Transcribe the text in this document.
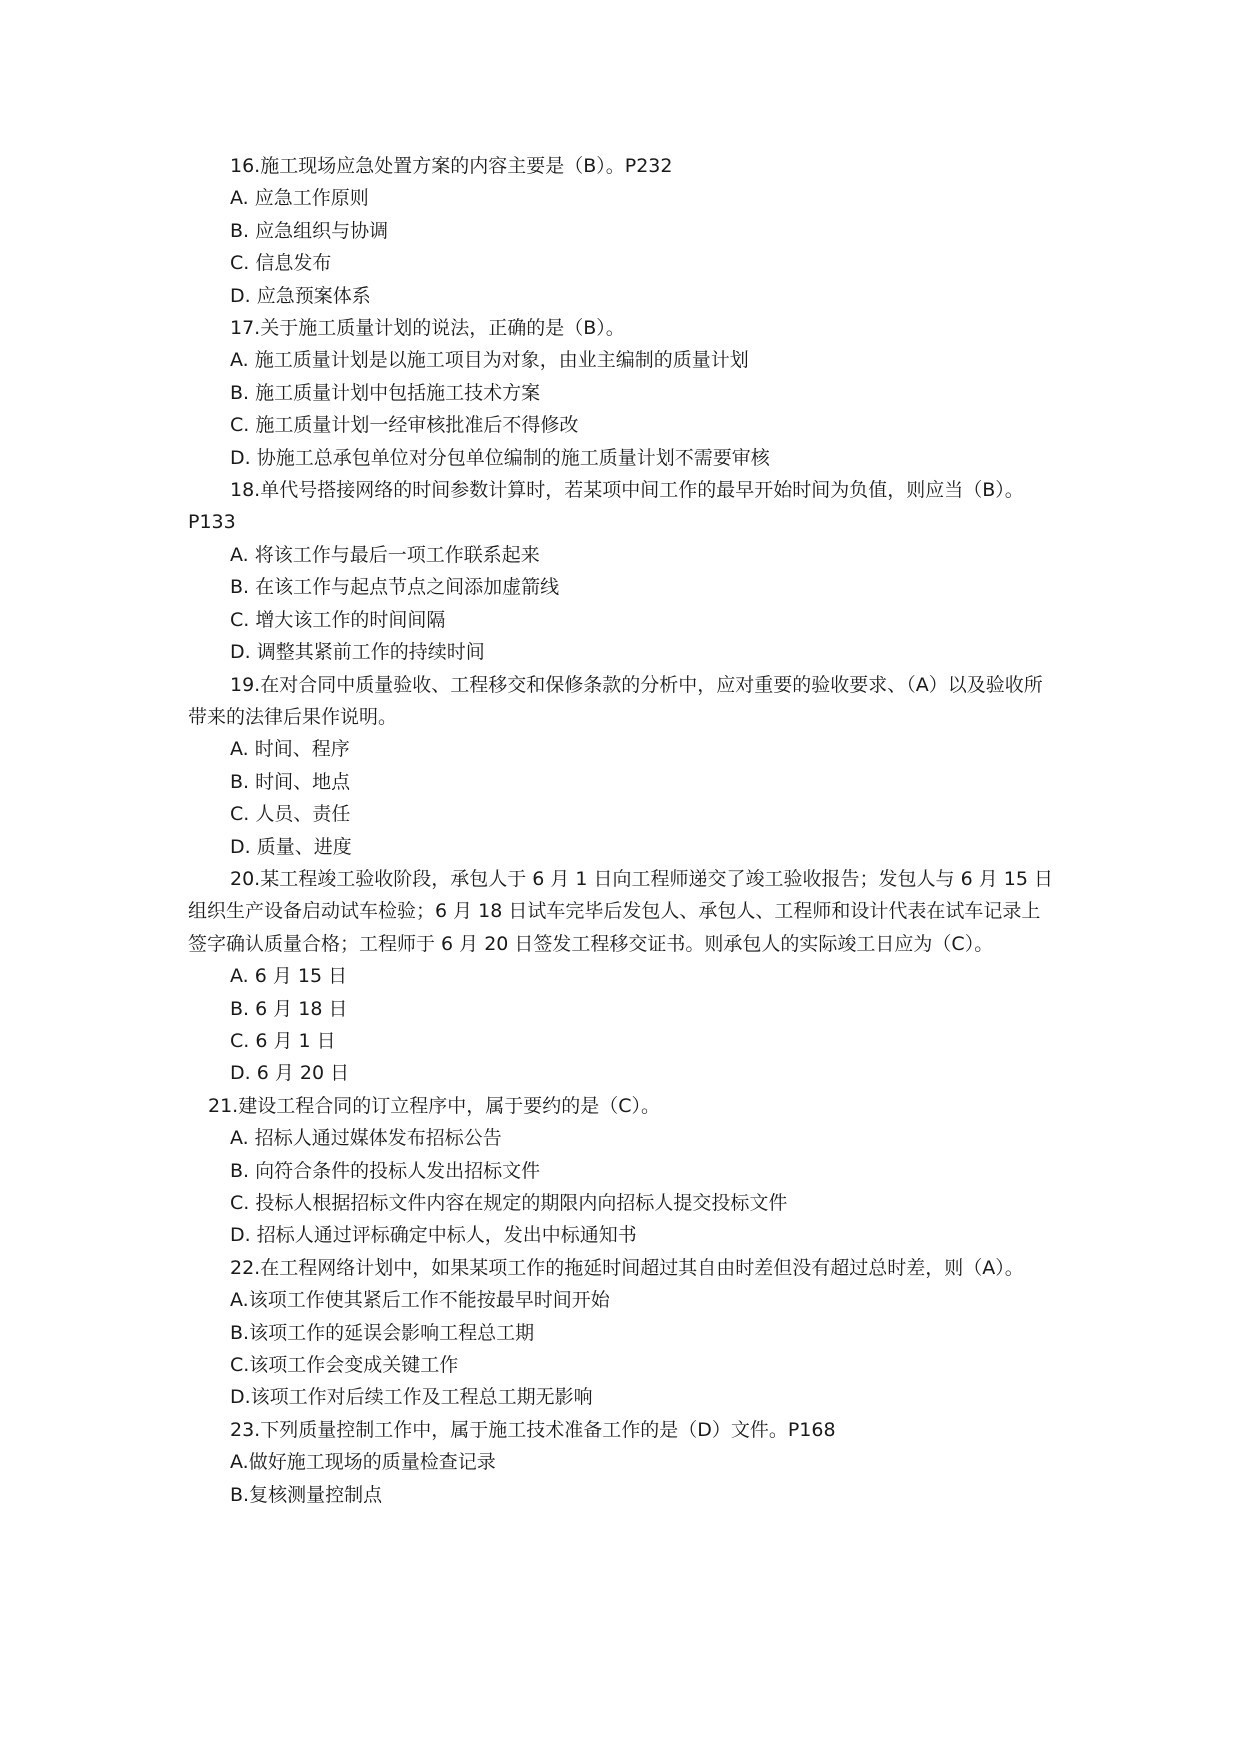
16.施工现场应急处置方案的内容主要是（B）。P232

A. 应急工作原则

B. 应急组织与协调

C. 信息发布

D. 应急预案体系

17.关于施工质量计划的说法，正确的是（B）。

A. 施工质量计划是以施工项目为对象，由业主编制的质量计划

B. 施工质量计划中包括施工技术方案

C. 施工质量计划一经审核批准后不得修改

D. 协施工总承包单位对分包单位编制的施工质量计划不需要审核

18.单代号搭接网络的时间参数计算时，若某项中间工作的最早开始时间为负值，则应当（B）。P133

A. 将该工作与最后一项工作联系起来

B. 在该工作与起点节点之间添加虚箭线

C. 增大该工作的时间间隔

D. 调整其紧前工作的持续时间

19.在对合同中质量验收、工程移交和保修条款的分析中，应对重要的验收要求、（A）以及验收所带来的法律后果作说明。

A. 时间、程序

B. 时间、地点

C. 人员、责任

D. 质量、进度

20.某工程竣工验收阶段，承包人于 6 月 1 日向工程师递交了竣工验收报告；发包人与 6 月 15 日组织生产设备启动试车检验；6 月 18 日试车完毕后发包人、承包人、工程师和设计代表在试车记录上签字确认质量合格；工程师于 6 月 20 日签发工程移交证书。则承包人的实际竣工日应为（C）。

A. 6 月 15 日

B. 6 月 18 日

C. 6 月 1 日

D. 6 月 20 日

21.建设工程合同的订立程序中，属于要约的是（C）。

A. 招标人通过媒体发布招标公告

B. 向符合条件的投标人发出招标文件

C. 投标人根据招标文件内容在规定的期限内向招标人提交投标文件

D. 招标人通过评标确定中标人，发出中标通知书

22.在工程网络计划中，如果某项工作的拖延时间超过其自由时差但没有超过总时差，则（A）。

A.该项工作使其紧后工作不能按最早时间开始

B.该项工作的延误会影响工程总工期

C.该项工作会变成关键工作

D.该项工作对后续工作及工程总工期无影响

23.下列质量控制工作中，属于施工技术准备工作的是（D）文件。P168

A.做好施工现场的质量检查记录

B.复核测量控制点
